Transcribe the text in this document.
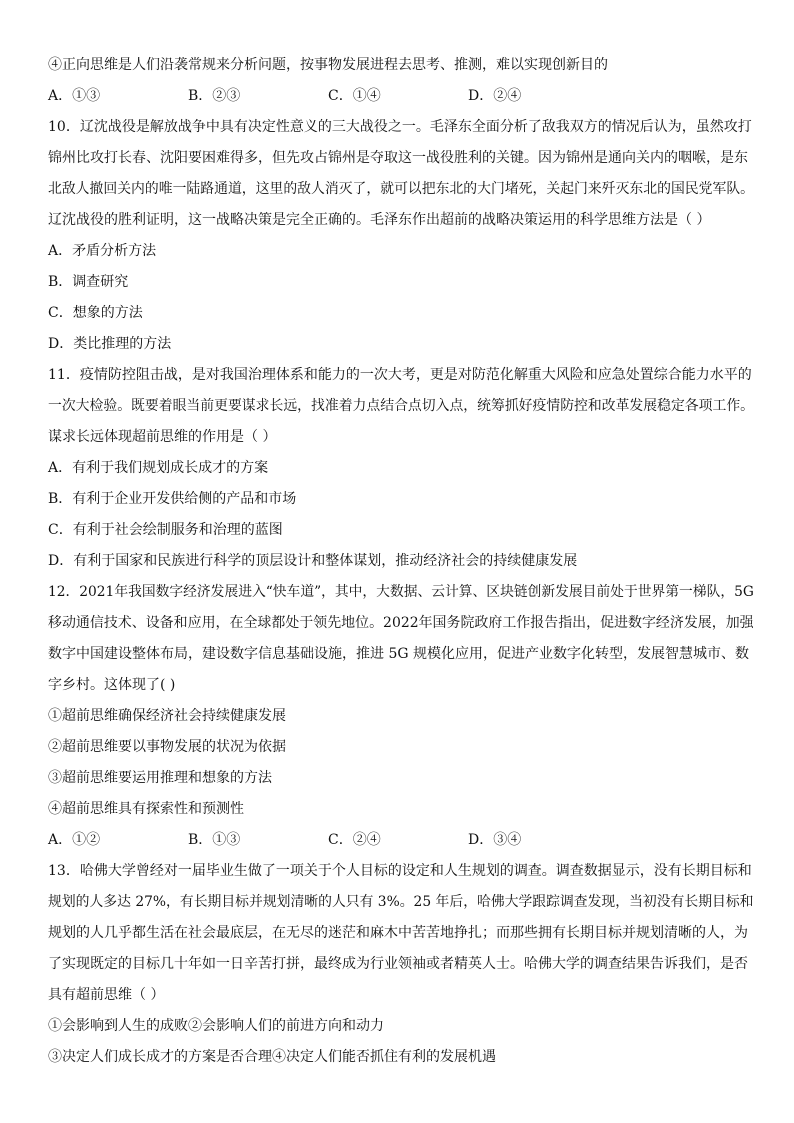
④正向思维是人们沿袭常规来分析问题，按事物发展进程去思考、推测，难以实现创新目的
A．①③	B．②③	C．①④	D．②④
10．辽沈战役是解放战争中具有决定性意义的三大战役之一。毛泽东全面分析了敌我双方的情况后认为，虽然攻打
锦州比攻打长春、沈阳要困难得多，但先攻占锦州是夺取这一战役胜利的关键。因为锦州是通向关内的咽喉，是东
北敌人撤回关内的唯一陆路通道，这里的敌人消灭了，就可以把东北的大门堵死，关起门来歼灭东北的国民党军队。
辽沈战役的胜利证明，这一战略决策是完全正确的。毛泽东作出超前的战略决策运用的科学思维方法是（ ）
A．矛盾分析方法
B．调查研究
C．想象的方法
D．类比推理的方法
11．疫情防控阻击战，是对我国治理体系和能力的一次大考，更是对防范化解重大风险和应急处置综合能力水平的
一次大检验。既要着眼当前更要谋求长远，找准着力点结合点切入点，统筹抓好疫情防控和改革发展稳定各项工作。
谋求长远体现超前思维的作用是（ ）
A．有利于我们规划成长成才的方案
B．有利于企业开发供给侧的产品和市场
C．有利于社会绘制服务和治理的蓝图
D．有利于国家和民族进行科学的顶层设计和整体谋划，推动经济社会的持续健康发展
12．2021年我国数字经济发展进入“快车道”，其中，大数据、云计算、区块链创新发展目前处于世界第一梯队，5G
移动通信技术、设备和应用，在全球都处于领先地位。2022年国务院政府工作报告指出，促进数字经济发展，加强
数字中国建设整体布局，建设数字信息基础设施，推进 5G 规模化应用，促进产业数字化转型，发展智慧城市、数
字乡村。这体现了( )
①超前思维确保经济社会持续健康发展
②超前思维要以事物发展的状况为依据
③超前思维要运用推理和想象的方法
④超前思维具有探索性和预测性
A．①②	B．①③	C．②④	D．③④
13．哈佛大学曾经对一届毕业生做了一项关于个人目标的设定和人生规划的调查。调查数据显示，没有长期目标和
规划的人多达 27%，有长期目标并规划清晰的人只有 3%。25 年后，哈佛大学跟踪调查发现，当初没有长期目标和
规划的人几乎都生活在社会最底层，在无尽的迷茫和麻木中苦苦地挣扎；而那些拥有长期目标并规划清晰的人，为
了实现既定的目标几十年如一日辛苦打拼，最终成为行业领袖或者精英人士。哈佛大学的调查结果告诉我们，是否
具有超前思维（ ）
①会影响到人生的成败②会影响人们的前进方向和动力
③决定人们成长成才的方案是否合理④决定人们能否抓住有利的发展机遇
